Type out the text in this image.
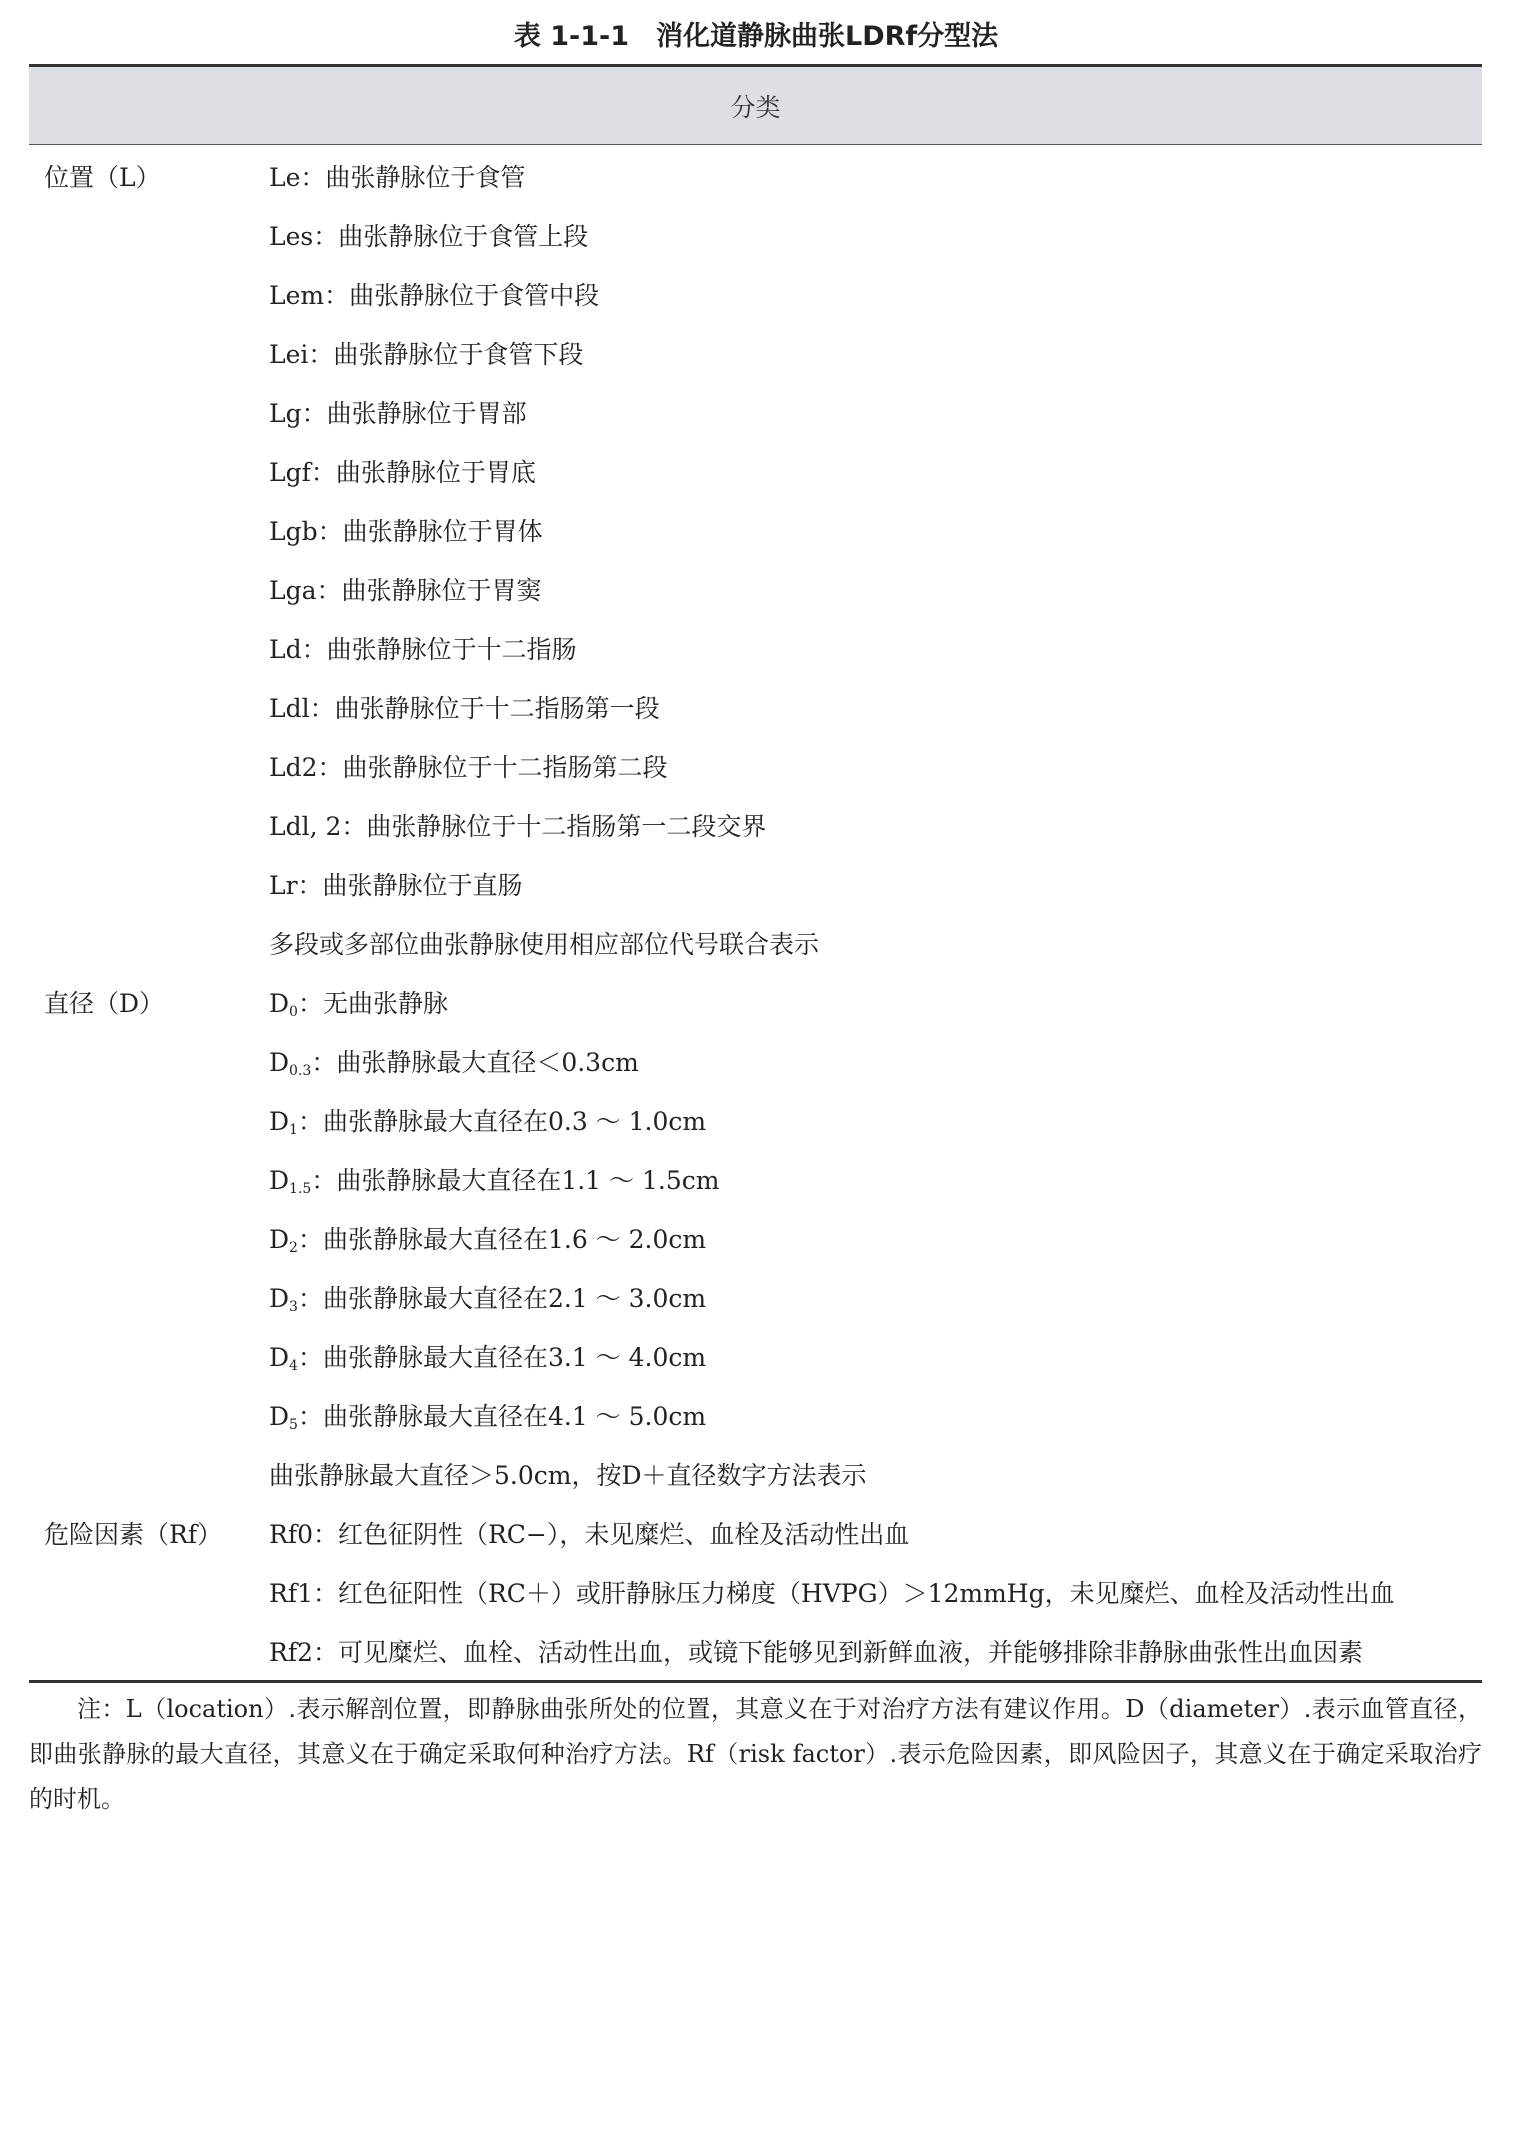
表 1-1-1　消化道静脉曲张LDRf分型法
分类
位置（L）	Le：曲张静脉位于食管
Les：曲张静脉位于食管上段
Lem：曲张静脉位于食管中段
Lei：曲张静脉位于食管下段
Lg：曲张静脉位于胃部
Lgf：曲张静脉位于胃底
Lgb：曲张静脉位于胃体
Lga：曲张静脉位于胃窦
Ld：曲张静脉位于十二指肠
Ldl：曲张静脉位于十二指肠第一段
Ld2：曲张静脉位于十二指肠第二段
Ldl, 2：曲张静脉位于十二指肠第一二段交界
Lr：曲张静脉位于直肠
多段或多部位曲张静脉使用相应部位代号联合表示
直径（D）	$D_0$：无曲张静脉
$D_{0.3}$：曲张静脉最大直径＜0.3cm
$D_1$：曲张静脉最大直径在0.3 ～ 1.0cm
$D_{1.5}$：曲张静脉最大直径在1.1 ～ 1.5cm
$D_2$：曲张静脉最大直径在1.6 ～ 2.0cm
$D_3$：曲张静脉最大直径在2.1 ～ 3.0cm
$D_4$：曲张静脉最大直径在3.1 ～ 4.0cm
$D_5$：曲张静脉最大直径在4.1 ～ 5.0cm
曲张静脉最大直径＞5.0cm，按D＋直径数字方法表示
危险因素（Rf） Rf0：红色征阴性（RC−），未见糜烂、血栓及活动性出血
Rf1：红色征阳性（RC＋）或肝静脉压力梯度（HVPG）＞12mmHg，未见糜烂、血栓及活动性出血
Rf2：可见糜烂、血栓、活动性出血，或镜下能够见到新鲜血液，并能够排除非静脉曲张性出血因素
注：L（location）.表示解剖位置，即静脉曲张所处的位置，其意义在于对治疗方法有建议作用。D（diameter）.表示血管直径，即曲张静脉的最大直径，其意义在于确定采取何种治疗方法。Rf（risk factor）.表示危险因素，即风险因子，其意义在于确定采取治疗的时机。
